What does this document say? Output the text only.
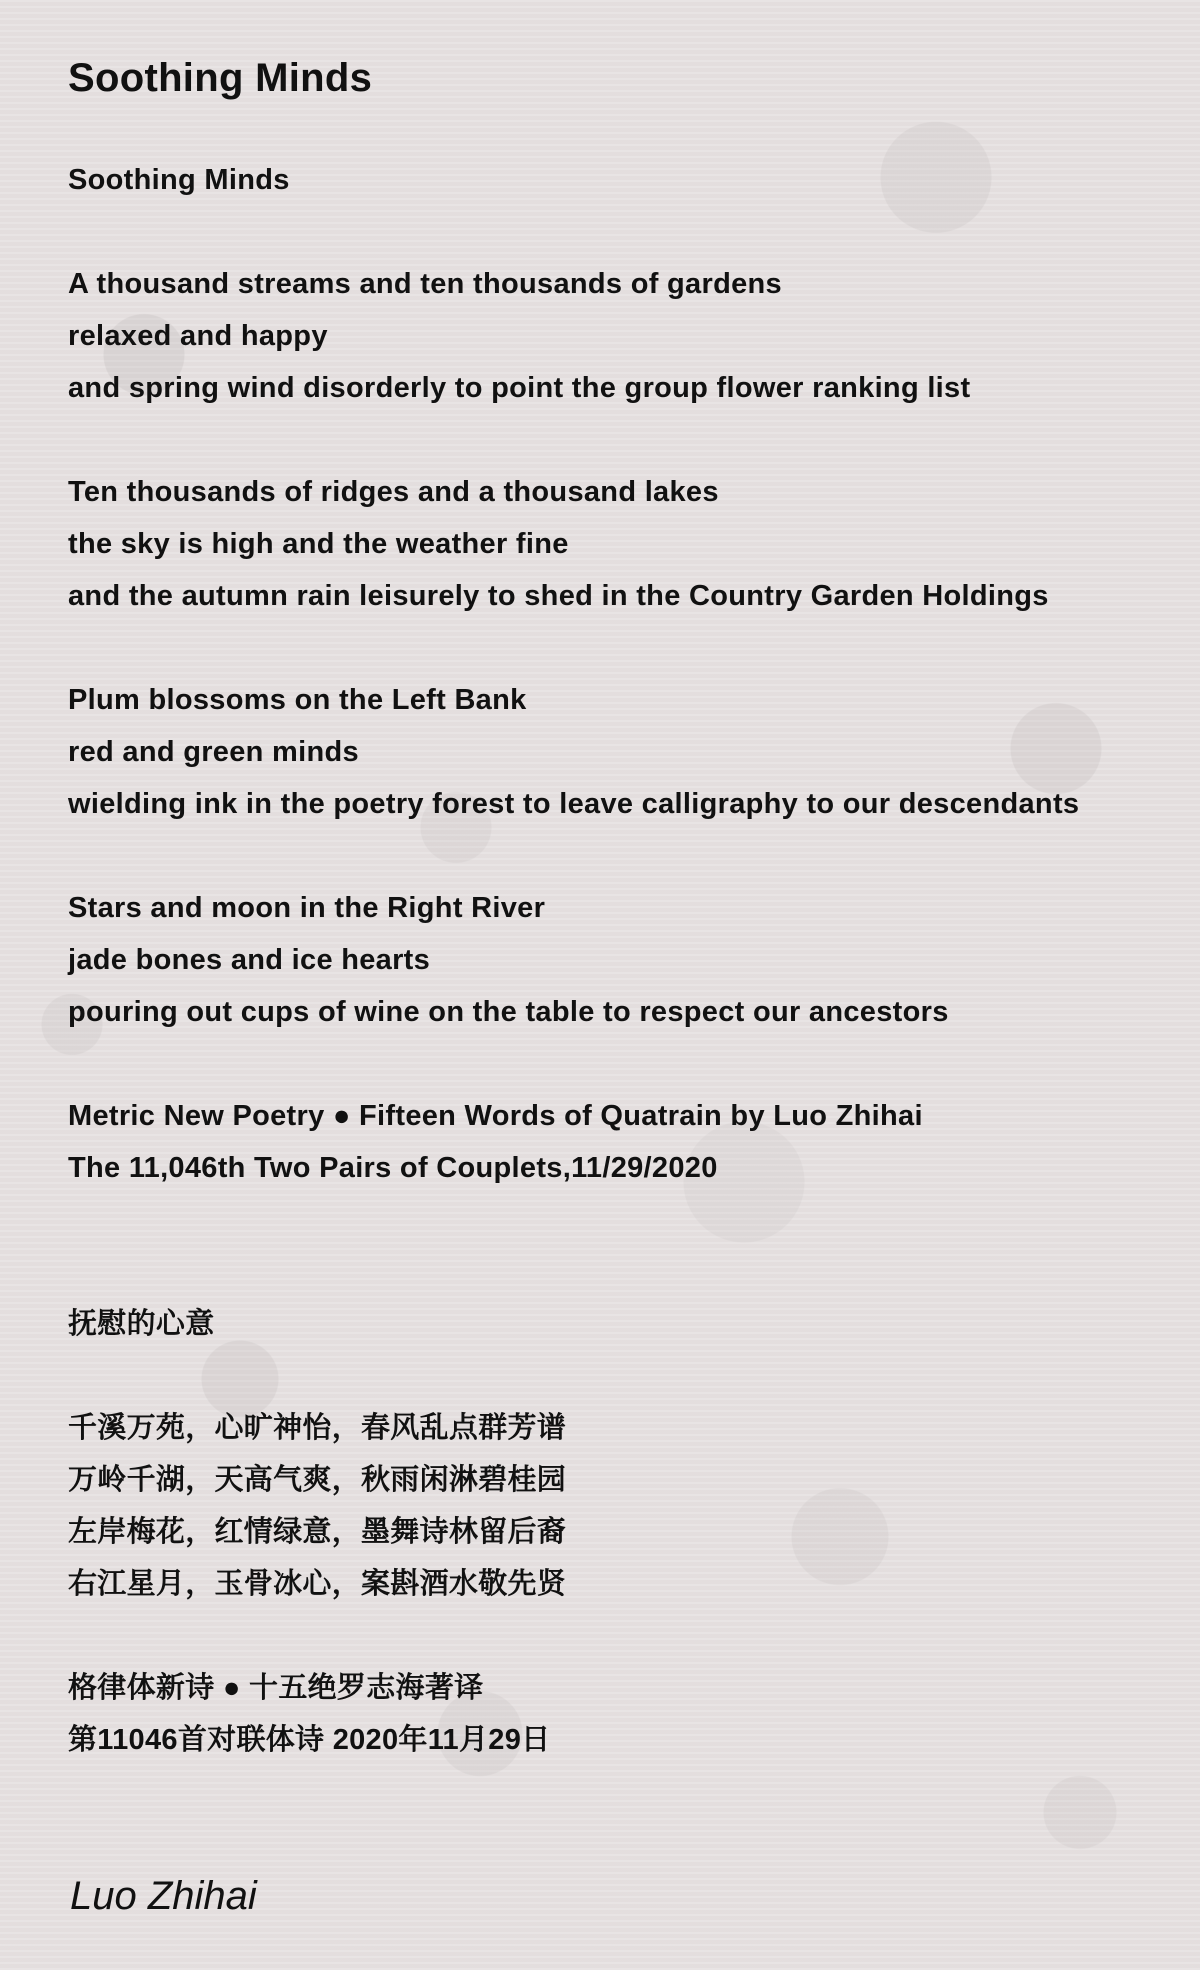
Soothing Minds
Soothing Minds
A thousand streams and ten thousands of gardens
relaxed and happy
and spring wind disorderly to point the group flower ranking list
Ten thousands of ridges and a thousand lakes
the sky is high and the weather fine
and the autumn rain leisurely to shed in the Country Garden Holdings
Plum blossoms on the Left Bank
red and green minds
wielding ink in the poetry forest to leave calligraphy to our descendants
Stars and moon in the Right River
jade bones and ice hearts
pouring out cups of wine on the table to respect our ancestors
Metric New Poetry ● Fifteen Words of Quatrain by Luo Zhihai
The 11,046th Two Pairs of Couplets,11/29/2020
抚慰的心意
千溪万苑，心旷神怡，春风乱点群芳谱
万岭千湖，天高气爽，秋雨闲淋碧桂园
左岸梅花，红情绿意，墨舞诗林留后裔
右江星月，玉骨冰心，案斟酒水敬先贤
格律体新诗 ● 十五绝罗志海著译
第11046首对联体诗 2020年11月29日
Luo Zhihai
